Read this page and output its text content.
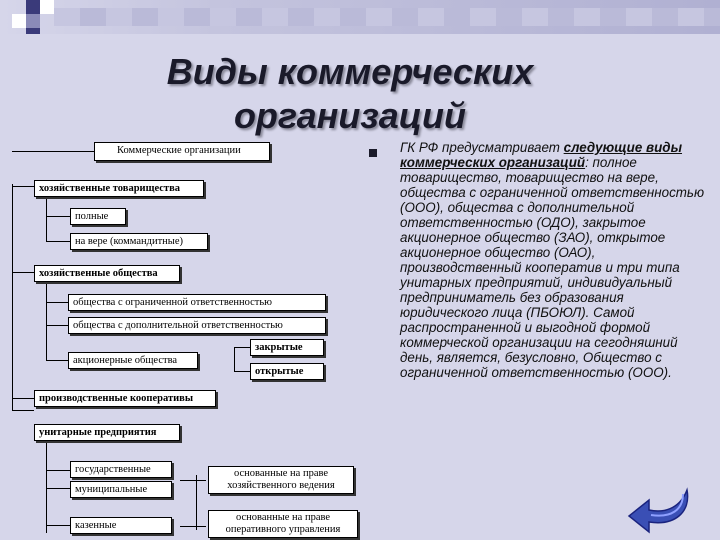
Виды коммерческих
организаций
Коммерческие организации
хозяйственные товарищества
полные
на вере (коммандитные)
хозяйственные общества
общества с ограниченной ответственностью
общества с дополнительной ответственностью
акционерные общества
закрытые
открытые
производственные кооперативы
унитарные предприятия
государственные
муниципальные
казенные
основанные на праве хозяйственного ведения
основанные на праве оперативного управления
ГК РФ предусматривает следующие виды коммерческих организаций: полное товарищество, товарищество на вере, общества с ограниченной ответственностью (ООО), общества с дополнительной ответственностью (ОДО), закрытое акционерное общество (ЗАО), открытое акционерное общество (ОАО), производственный кооператив и три типа унитарных предприятий, индивидуальный предприниматель без образования юридического лица (ПБОЮЛ). Самой распространенной и выгодной формой коммерческой организации на сегодняшний день, является, безусловно, Общество с ограниченной ответственностью (ООО).
